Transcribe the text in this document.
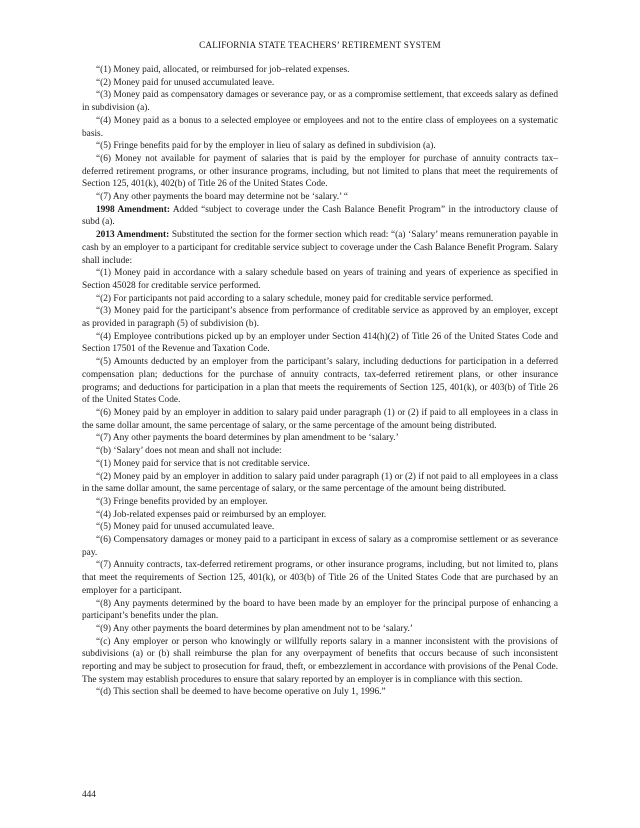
CALIFORNIA STATE TEACHERS’ RETIREMENT SYSTEM

“(1) Money paid, allocated, or reimbursed for job–related expenses.

“(2) Money paid for unused accumulated leave.

“(3) Money paid as compensatory damages or severance pay, or as a compromise settlement, that exceeds salary as defined in subdivision (a).

“(4) Money paid as a bonus to a selected employee or employees and not to the entire class of employees on a systematic basis.

“(5) Fringe benefits paid for by the employer in lieu of salary as defined in subdivision (a).

“(6) Money not available for payment of salaries that is paid by the employer for purchase of annuity contracts tax–deferred retirement programs, or other insurance programs, including, but not limited to plans that meet the requirements of Section 125, 401(k), 402(b) of Title 26 of the United States Code.

“(7) Any other payments the board may determine not be ‘salary.’ “

1998 Amendment: Added “subject to coverage under the Cash Balance Benefit Program” in the introductory clause of subd (a).

2013 Amendment: Substituted the section for the former section which read: “(a) ‘Salary’ means remuneration payable in cash by an employer to a participant for creditable service subject to coverage under the Cash Balance Benefit Program. Salary shall include:

“(1) Money paid in accordance with a salary schedule based on years of training and years of experience as specified in Section 45028 for creditable service performed.

“(2) For participants not paid according to a salary schedule, money paid for creditable service performed.

“(3) Money paid for the participant’s absence from performance of creditable service as approved by an employer, except as provided in paragraph (5) of subdivision (b).

“(4) Employee contributions picked up by an employer under Section 414(h)(2) of Title 26 of the United States Code and Section 17501 of the Revenue and Taxation Code.

“(5) Amounts deducted by an employer from the participant’s salary, including deductions for participation in a deferred compensation plan; deductions for the purchase of annuity contracts, tax-deferred retirement plans, or other insurance programs; and deductions for participation in a plan that meets the requirements of Section 125, 401(k), or 403(b) of Title 26 of the United States Code.

“(6) Money paid by an employer in addition to salary paid under paragraph (1) or (2) if paid to all employees in a class in the same dollar amount, the same percentage of salary, or the same percentage of the amount being distributed.

“(7) Any other payments the board determines by plan amendment to be ‘salary.’

“(b) ‘Salary’ does not mean and shall not include:

“(1) Money paid for service that is not creditable service.

“(2) Money paid by an employer in addition to salary paid under paragraph (1) or (2) if not paid to all employees in a class in the same dollar amount, the same percentage of salary, or the same percentage of the amount being distributed.

“(3) Fringe benefits provided by an employer.

“(4) Job-related expenses paid or reimbursed by an employer.

“(5) Money paid for unused accumulated leave.

“(6) Compensatory damages or money paid to a participant in excess of salary as a compromise settlement or as severance pay.

“(7) Annuity contracts, tax-deferred retirement programs, or other insurance programs, including, but not limited to, plans that meet the requirements of Section 125, 401(k), or 403(b) of Title 26 of the United States Code that are purchased by an employer for a participant.

“(8) Any payments determined by the board to have been made by an employer for the principal purpose of enhancing a participant’s benefits under the plan.

“(9) Any other payments the board determines by plan amendment not to be ‘salary.’

“(c) Any employer or person who knowingly or willfully reports salary in a manner inconsistent with the provisions of subdivisions (a) or (b) shall reimburse the plan for any overpayment of benefits that occurs because of such inconsistent reporting and may be subject to prosecution for fraud, theft, or embezzlement in accordance with provisions of the Penal Code. The system may establish procedures to ensure that salary reported by an employer is in compliance with this section.

“(d) This section shall be deemed to have become operative on July 1, 1996.”

444
